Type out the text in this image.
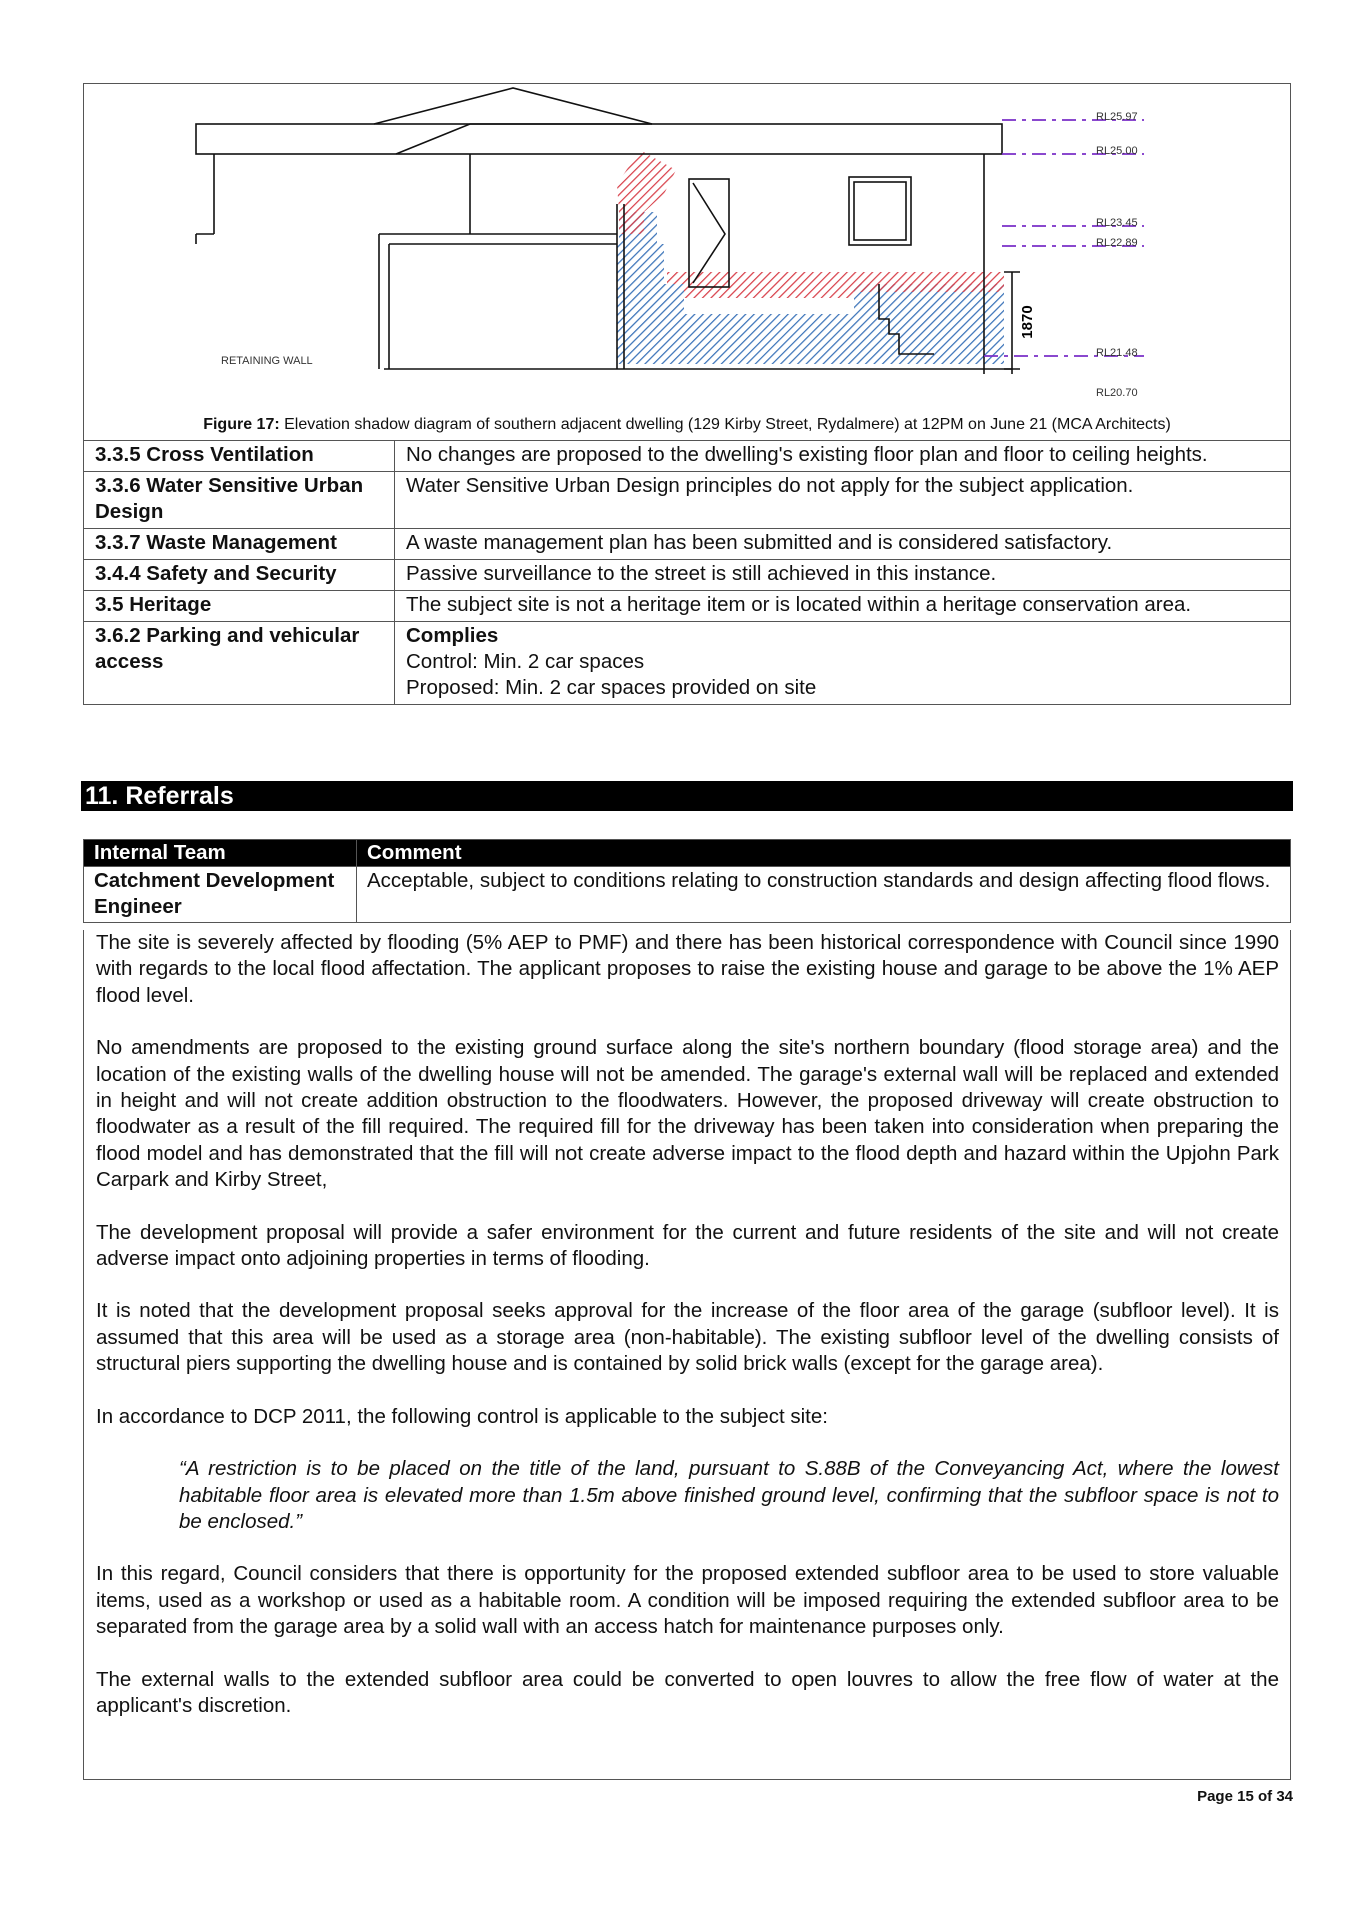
1870
RL25.97
RL25.00
RL23.45
RL22.89
RL21.48
RL20.70
RETAINING WALL
Figure 17: Elevation shadow diagram of southern adjacent dwelling (129 Kirby Street, Rydalmere) at 12PM on June 21 (MCA Architects)
3.3.5 Cross Ventilation	No changes are proposed to the dwelling's existing floor plan and floor to ceiling heights.
3.3.6 Water Sensitive Urban Design	Water Sensitive Urban Design principles do not apply for the subject application.
3.3.7 Waste Management	A waste management plan has been submitted and is considered satisfactory.
3.4.4 Safety and Security	Passive surveillance to the street is still achieved in this instance.
3.5 Heritage	The subject site is not a heritage item or is located within a heritage conservation area.
3.6.2 Parking and vehicular access	Complies
Control: Min. 2 car spaces
Proposed: Min. 2 car spaces provided on site
11. Referrals
Internal Team	Comment
Catchment Development Engineer	Acceptable, subject to conditions relating to construction standards and design affecting flood flows.

The site is severely affected by flooding (5% AEP to PMF) and there has been historical correspondence with Council since 1990 with regards to the local flood affectation. The applicant proposes to raise the existing house and garage to be above the 1% AEP flood level.

No amendments are proposed to the existing ground surface along the site's northern boundary (flood storage area) and the location of the existing walls of the dwelling house will not be amended. The garage's external wall will be replaced and extended in height and will not create addition obstruction to the floodwaters. However, the proposed driveway will create obstruction to floodwater as a result of the fill required. The required fill for the driveway has been taken into consideration when preparing the flood model and has demonstrated that the fill will not create adverse impact to the flood depth and hazard within the Upjohn Park Carpark and Kirby Street,

The development proposal will provide a safer environment for the current and future residents of the site and will not create adverse impact onto adjoining properties in terms of flooding.

It is noted that the development proposal seeks approval for the increase of the floor area of the garage (subfloor level). It is assumed that this area will be used as a storage area (non-habitable). The existing subfloor level of the dwelling consists of structural piers supporting the dwelling house and is contained by solid brick walls (except for the garage area).

In accordance to DCP 2011, the following control is applicable to the subject site:

“A restriction is to be placed on the title of the land, pursuant to S.88B of the Conveyancing Act, where the lowest habitable floor area is elevated more than 1.5m above finished ground level, confirming that the subfloor space is not to be enclosed.”

In this regard, Council considers that there is opportunity for the proposed extended subfloor area to be used to store valuable items, used as a workshop or used as a habitable room. A condition will be imposed requiring the extended subfloor area to be separated from the garage area by a solid wall with an access hatch for maintenance purposes only.

The external walls to the extended subfloor area could be converted to open louvres to allow the free flow of water at the applicant's discretion.

Page 15 of 34
